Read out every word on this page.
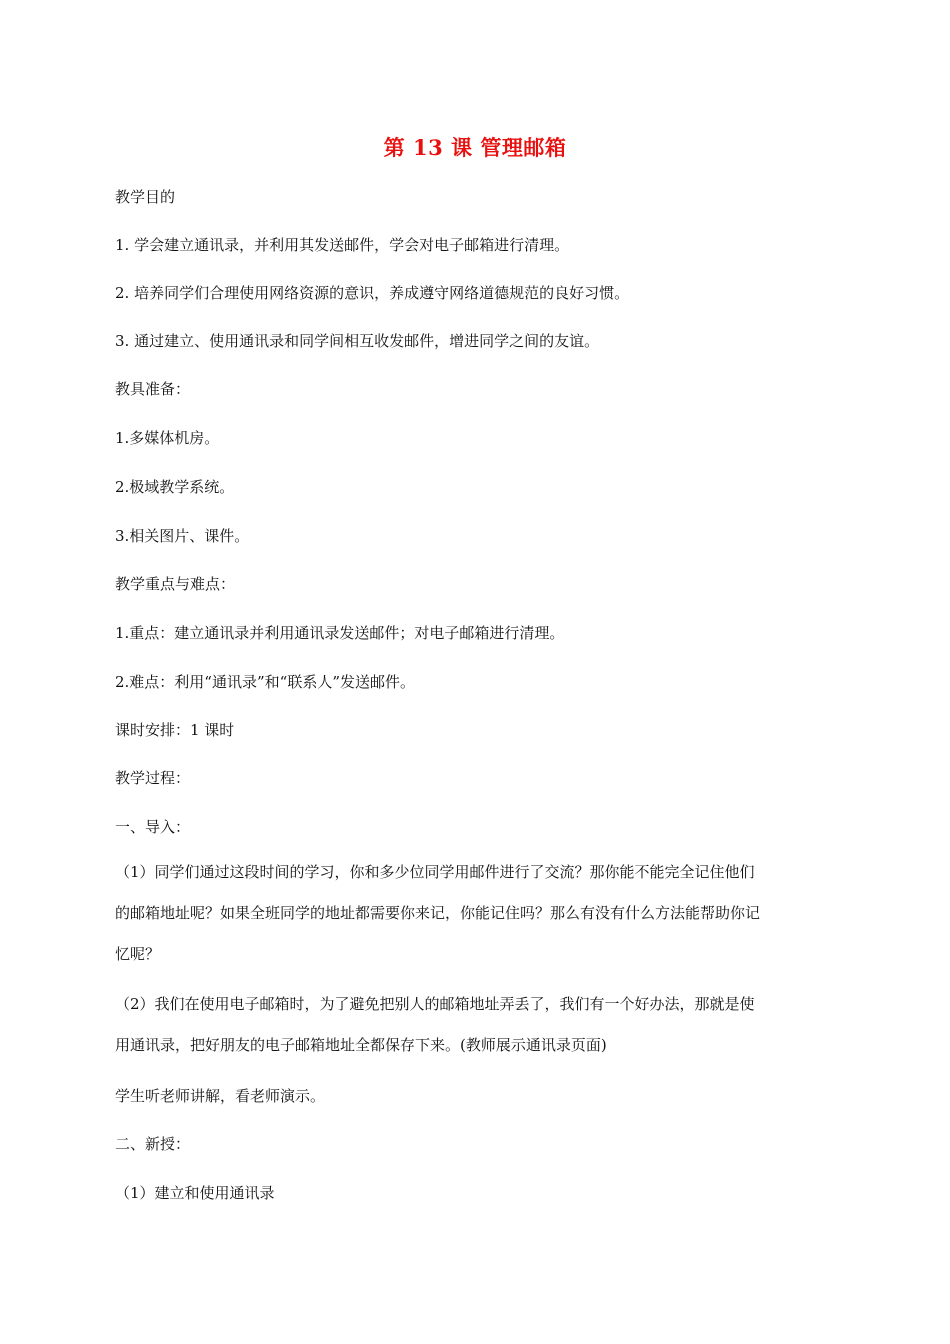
第 13 课 管理邮箱
教学目的
1. 学会建立通讯录，并利用其发送邮件，学会对电子邮箱进行清理。
2. 培养同学们合理使用网络资源的意识，养成遵守网络道德规范的良好习惯。
3. 通过建立、使用通讯录和同学间相互收发邮件，增进同学之间的友谊。
教具准备：
1.多媒体机房。
2.极域教学系统。
3.相关图片、课件。
教学重点与难点：
1.重点：建立通讯录并利用通讯录发送邮件；对电子邮箱进行清理。
2.难点：利用“通讯录”和“联系人”发送邮件。
课时安排：1 课时
教学过程：
一、导入：
（1）同学们通过这段时间的学习，你和多少位同学用邮件进行了交流？那你能不能完全记住他们
的邮箱地址呢？如果全班同学的地址都需要你来记，你能记住吗？那么有没有什么方法能帮助你记
忆呢？
（2）我们在使用电子邮箱时，为了避免把别人的邮箱地址弄丢了，我们有一个好办法，那就是使
用通讯录，把好朋友的电子邮箱地址全都保存下来。(教师展示通讯录页面)
学生听老师讲解，看老师演示。
二、新授：
（1）建立和使用通讯录
